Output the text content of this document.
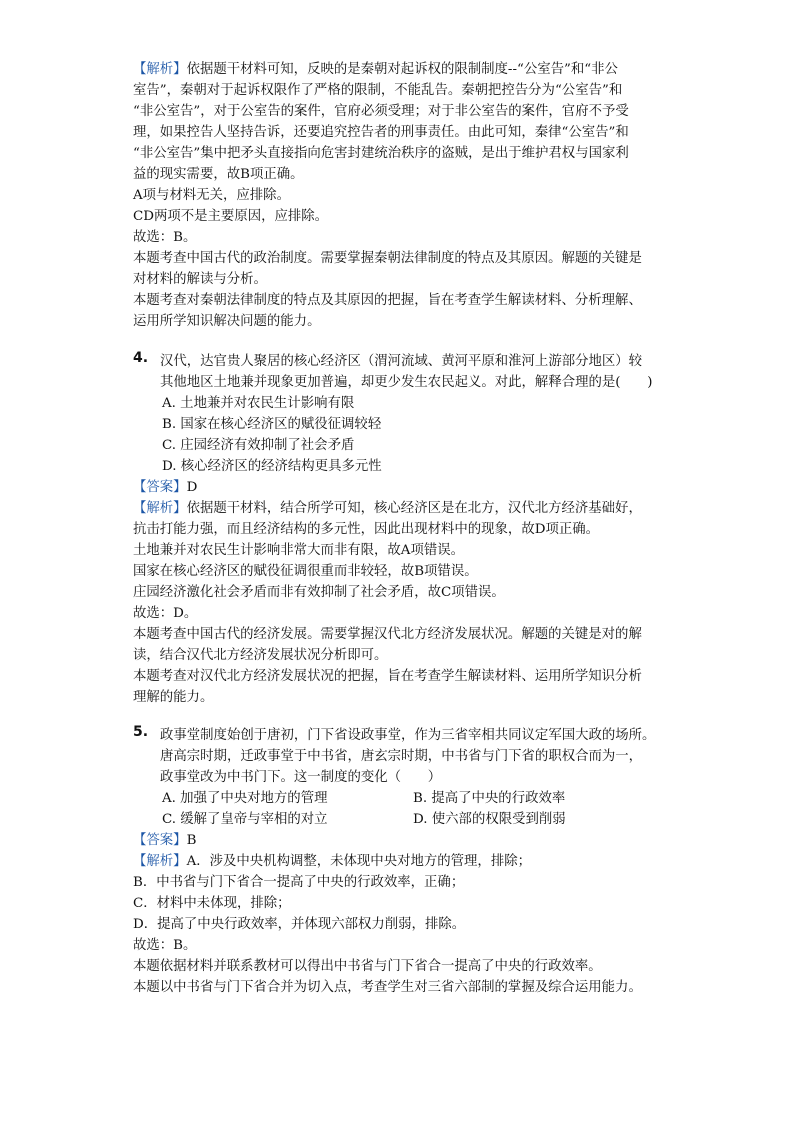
【解析】依据题干材料可知，反映的是秦朝对起诉权的限制制度--“公室告”和“非公
室告”，秦朝对于起诉权限作了严格的限制，不能乱告。秦朝把控告分为“公室告”和
“非公室告”，对于公室告的案件，官府必须受理；对于非公室告的案件，官府不予受
理，如果控告人坚持告诉，还要追究控告者的刑事责任。由此可知，秦律“公室告”和
“非公室告”集中把矛头直接指向危害封建统治秩序的盗贼，是出于维护君权与国家利
益的现实需要，故B项正确。
A项与材料无关，应排除。
CD两项不是主要原因，应排除。
故选：B。
本题考查中国古代的政治制度。需要掌握秦朝法律制度的特点及其原因。解题的关键是
对材料的解读与分析。
本题考查对秦朝法律制度的特点及其原因的把握，旨在考查学生解读材料、分析理解、
运用所学知识解决问题的能力。
4. 汉代，达官贵人聚居的核心经济区（渭河流域、黄河平原和淮河上游部分地区）较
其他地区土地兼并现象更加普遍，却更少发生农民起义。对此，解释合理的是(　　)
A. 土地兼并对农民生计影响有限
B. 国家在核心经济区的赋役征调较轻
C. 庄园经济有效抑制了社会矛盾
D. 核心经济区的经济结构更具多元性
【答案】D
【解析】依据题干材料，结合所学可知，核心经济区是在北方，汉代北方经济基础好，
抗击打能力强，而且经济结构的多元性，因此出现材料中的现象，故D项正确。
土地兼并对农民生计影响非常大而非有限，故A项错误。
国家在核心经济区的赋役征调很重而非较轻，故B项错误。
庄园经济激化社会矛盾而非有效抑制了社会矛盾，故C项错误。
故选：D。
本题考查中国古代的经济发展。需要掌握汉代北方经济发展状况。解题的关键是对的解
读，结合汉代北方经济发展状况分析即可。
本题考查对汉代北方经济发展状况的把握，旨在考查学生解读材料、运用所学知识分析
理解的能力。
5. 政事堂制度始创于唐初，门下省设政事堂，作为三省宰相共同议定军国大政的场所。
唐高宗时期，迁政事堂于中书省，唐玄宗时期，中书省与门下省的职权合而为一，
政事堂改为中书门下。这一制度的变化（　　）
A. 加强了中央对地方的管理	B. 提高了中央的行政效率
C. 缓解了皇帝与宰相的对立	D. 使六部的权限受到削弱
【答案】B
【解析】A．涉及中央机构调整，未体现中央对地方的管理，排除；
B．中书省与门下省合一提高了中央的行政效率，正确；
C．材料中未体现，排除；
D．提高了中央行政效率，并体现六部权力削弱，排除。
故选：B。
本题依据材料并联系教材可以得出中书省与门下省合一提高了中央的行政效率。
本题以中书省与门下省合并为切入点，考查学生对三省六部制的掌握及综合运用能力。
